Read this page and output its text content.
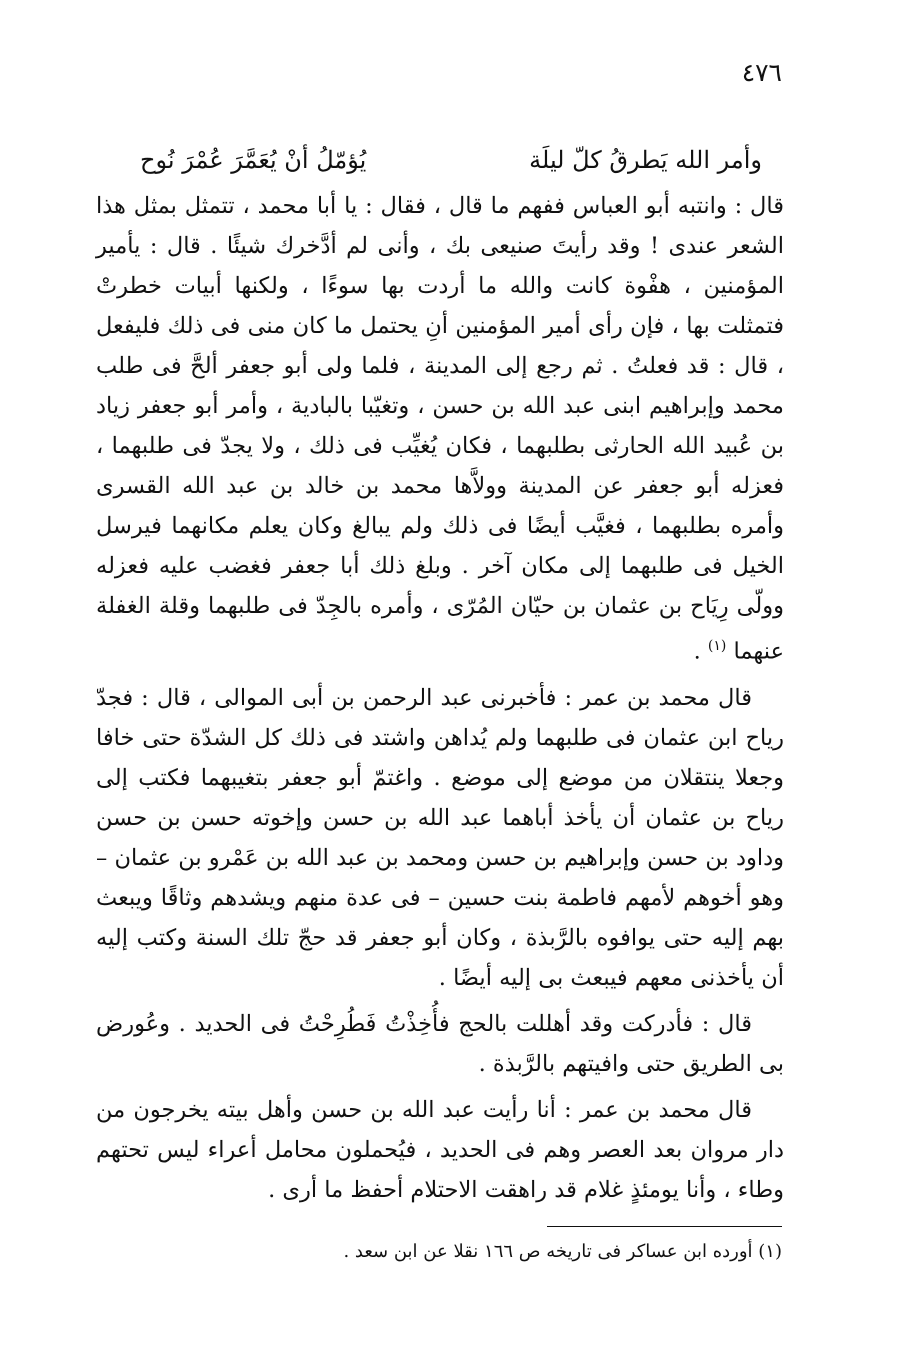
٤٧٦
وأمر الله يَطرقُ كلّ ليلَة
يُؤمّلُ أنْ يُعَمَّرَ عُمْرَ نُوح

قال : وانتبه أبو العباس ففهم ما قال ، فقال : يا أبا محمد ، تتمثل بمثل هذا الشعر عندى ! وقد رأيتَ صنيعى بك ، وأنى لم أدَّخرك شيئًا . قال : يأمير المؤمنين ، هفْوة كانت والله ما أردت بها سوءًا ، ولكنها أبيات خطرتْ فتمثلت بها ، فإن رأى أمير المؤمنين أنِ يحتمل ما كان منى فى ذلك فليفعل ، قال : قد فعلتُ . ثم رجع إلى المدينة ، فلما ولى أبو جعفر ألحَّ فى طلب محمد وإبراهيم ابنى عبد الله بن حسن ، وتغيّبا بالبادية ، وأمر أبو جعفر زياد بن عُبيد الله الحارثى بطلبهما ، فكان يُغيِّب فى ذلك ، ولا يجدّ فى طلبهما ، فعزله أبو جعفر عن المدينة وولاَّها محمد بن خالد بن عبد الله القسرى وأمره بطلبهما ، فغيَّب أيضًا فى ذلك ولم يبالغ وكان يعلم مكانهما فيرسل الخيل فى طلبهما إلى مكان آخر . وبلغ ذلك أبا جعفر فغضب عليه فعزله وولّى رِيَاح بن عثمان بن حيّان المُرّى ، وأمره بالجِدّ فى طلبهما وقلة الغفلة عنهما $^{(١)}$ .

قال محمد بن عمر : فأخبرنى عبد الرحمن بن أبى الموالى ، قال : فجدّ رياح ابن عثمان فى طلبهما ولم يُداهن واشتد فى ذلك كل الشدّة حتى خافا وجعلا ينتقلان من موضع إلى موضع . واغتمّ أبو جعفر بتغيبهما فكتب إلى رياح بن عثمان أن يأخذ أباهما عبد الله بن حسن وإخوته حسن بن حسن وداود بن حسن وإبراهيم بن حسن ومحمد بن عبد الله بن عَمْرو بن عثمان – وهو أخوهم لأمهم فاطمة بنت حسين – فى عدة منهم ويشدهم وثاقًا ويبعث بهم إليه حتى يوافوه بالرَّبذة ، وكان أبو جعفر قد حجّ تلك السنة وكتب إليه أن يأخذنى معهم فيبعث بى إليه أيضًا .

قال : فأدركت وقد أهللت بالحج فأُخِذْتُ فَطُرِحْتُ فى الحديد . وعُورض بى الطريق حتى وافيتهم بالرَّبذة .

قال محمد بن عمر : أنا رأيت عبد الله بن حسن وأهل بيته يخرجون من دار مروان بعد العصر وهم فى الحديد ، فيُحملون محامل أعراء ليس تحتهم وطاء ، وأنا يومئذٍ غلام قد راهقت الاحتلام أحفظ ما أرى .

(١) أورده ابن عساكر فى تاريخه ص ١٦٦ نقلا عن ابن سعد .
